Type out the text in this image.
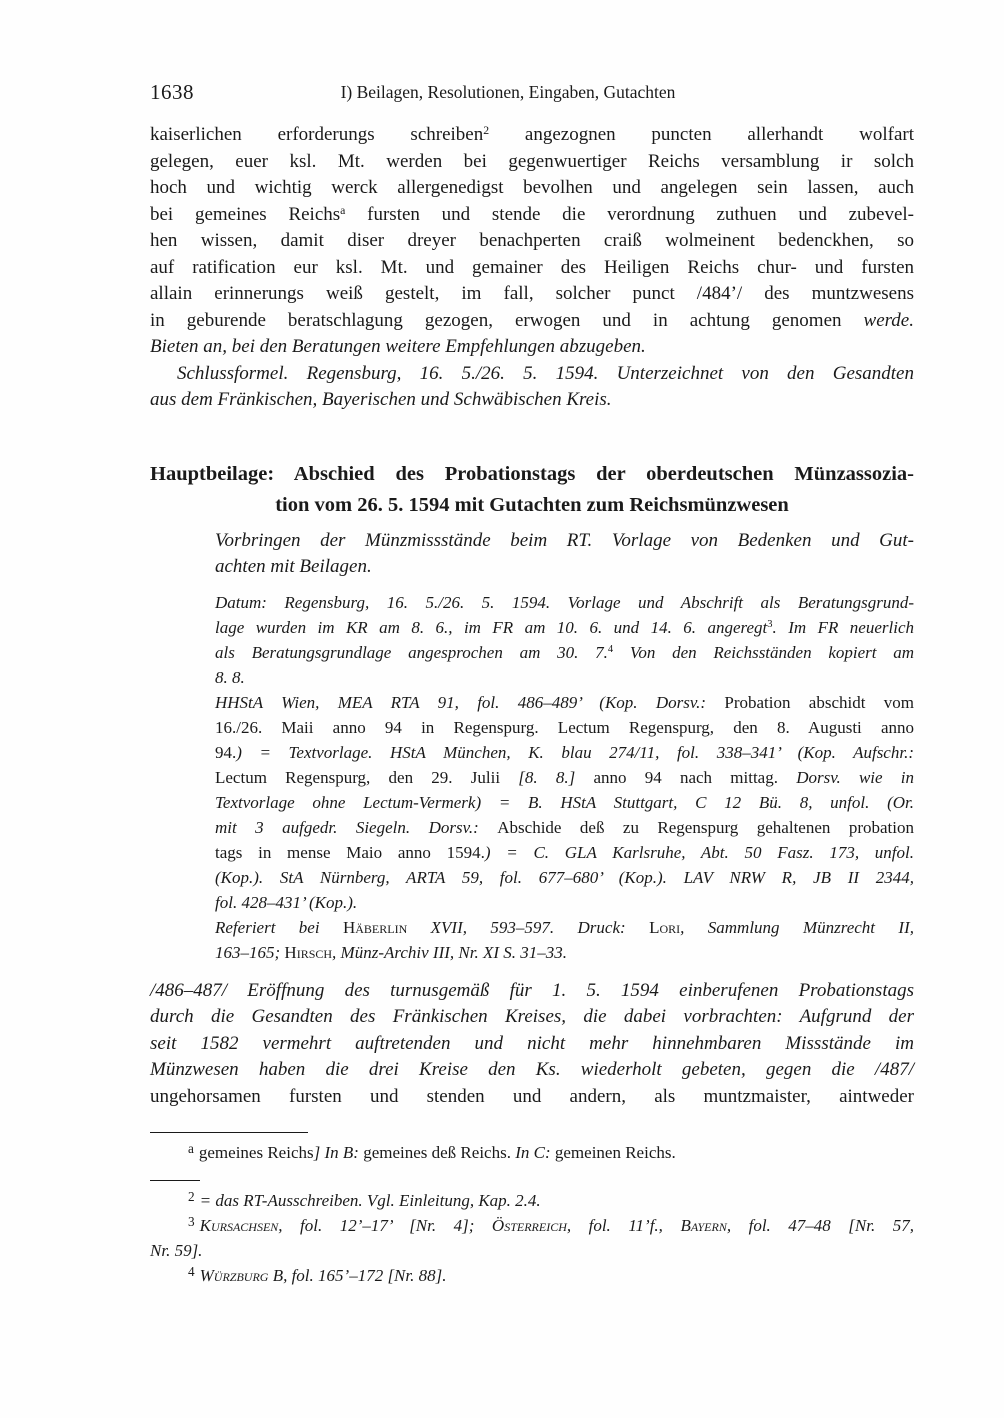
1638	I) Beilagen, Resolutionen, Eingaben, Gutachten
kaiserlichen erforderungs schreiben$^2$ angezognen puncten allerhandt wolfart
gelegen, euer ksl. Mt. werden bei gegenwuertiger Reichs versamblung ir solch
hoch und wichtig werck allergenedigst bevolhen und angelegen sein lassen, auch
bei gemeines Reichs$^a$ fursten und stende die verordnung zuthuen und zubevel-
hen wissen, damit diser dreyer benachperten craiß wolmeinent bedenckhen, so
auf ratification eur ksl. Mt. und gemainer des Heiligen Reichs chur- und fursten
allain erinnerungs weiß gestelt, im fall, solcher punct /484’/ des muntzwesens
in geburende beratschlagung gezogen, erwogen und in achtung genomen werde.
Bieten an, bei den Beratungen weitere Empfehlungen abzugeben.
Schlussformel. Regensburg, 16. 5./26. 5. 1594. Unterzeichnet von den Gesandten
aus dem Fränkischen, Bayerischen und Schwäbischen Kreis.
Hauptbeilage: Abschied des Probationstags der oberdeutschen Münzassozia-
tion vom 26. 5. 1594 mit Gutachten zum Reichsmünzwesen
Vorbringen der Münzmissstände beim RT. Vorlage von Bedenken und Gut-
achten mit Beilagen.
Datum: Regensburg, 16. 5./26. 5. 1594. Vorlage und Abschrift als Beratungsgrund-
lage wurden im KR am 8. 6., im FR am 10. 6. und 14. 6. angeregt$^3$. Im FR neuerlich
als Beratungsgrundlage angesprochen am 30. 7.$^4$ Von den Reichsständen kopiert am
8. 8.
HHStA Wien, MEA RTA 91, fol. 486–489’ (Kop. Dorsv.: Probation abschidt vom
16./26. Maii anno 94 in Regenspurg. Lectum Regenspurg, den 8. Augusti anno
94.) = Textvorlage. HStA München, K. blau 274/11, fol. 338–341’ (Kop. Aufschr.:
Lectum Regenspurg, den 29. Julii [8. 8.] anno 94 nach mittag. Dorsv. wie in
Textvorlage ohne Lectum-Vermerk) = B. HStA Stuttgart, C 12 Bü. 8, unfol. (Or.
mit 3 aufgedr. Siegeln. Dorsv.: Abschide deß zu Regenspurg gehaltenen probation
tags in mense Maio anno 1594.) = C. GLA Karlsruhe, Abt. 50 Fasz. 173, unfol.
(Kop.). StA Nürnberg, ARTA 59, fol. 677–680’ (Kop.). LAV NRW R, JB II 2344,
fol. 428–431’ (Kop.).
Referiert bei Häberlin XVII, 593–597. Druck: Lori, Sammlung Münzrecht II,
163–165; Hirsch, Münz-Archiv III, Nr. XI S. 31–33.
/486–487/ Eröffnung des turnusgemäß für 1. 5. 1594 einberufenen Probationstags
durch die Gesandten des Fränkischen Kreises, die dabei vorbrachten: Aufgrund der
seit 1582 vermehrt auftretenden und nicht mehr hinnehmbaren Missstände im
Münzwesen haben die drei Kreise den Ks. wiederholt gebeten, gegen die /487/
ungehorsamen fursten und stenden und andern, als muntzmaister, aintweder
$^a$ gemeines Reichs] In B: gemeines deß Reichs. In C: gemeinen Reichs.
$^2$ = das RT-Ausschreiben. Vgl. Einleitung, Kap. 2.4.
$^3$ Kursachsen, fol. 12’–17’ [Nr. 4]; Österreich, fol. 11’f., Bayern, fol. 47–48 [Nr. 57,
Nr. 59].
$^4$ Würzburg B, fol. 165’–172 [Nr. 88].
